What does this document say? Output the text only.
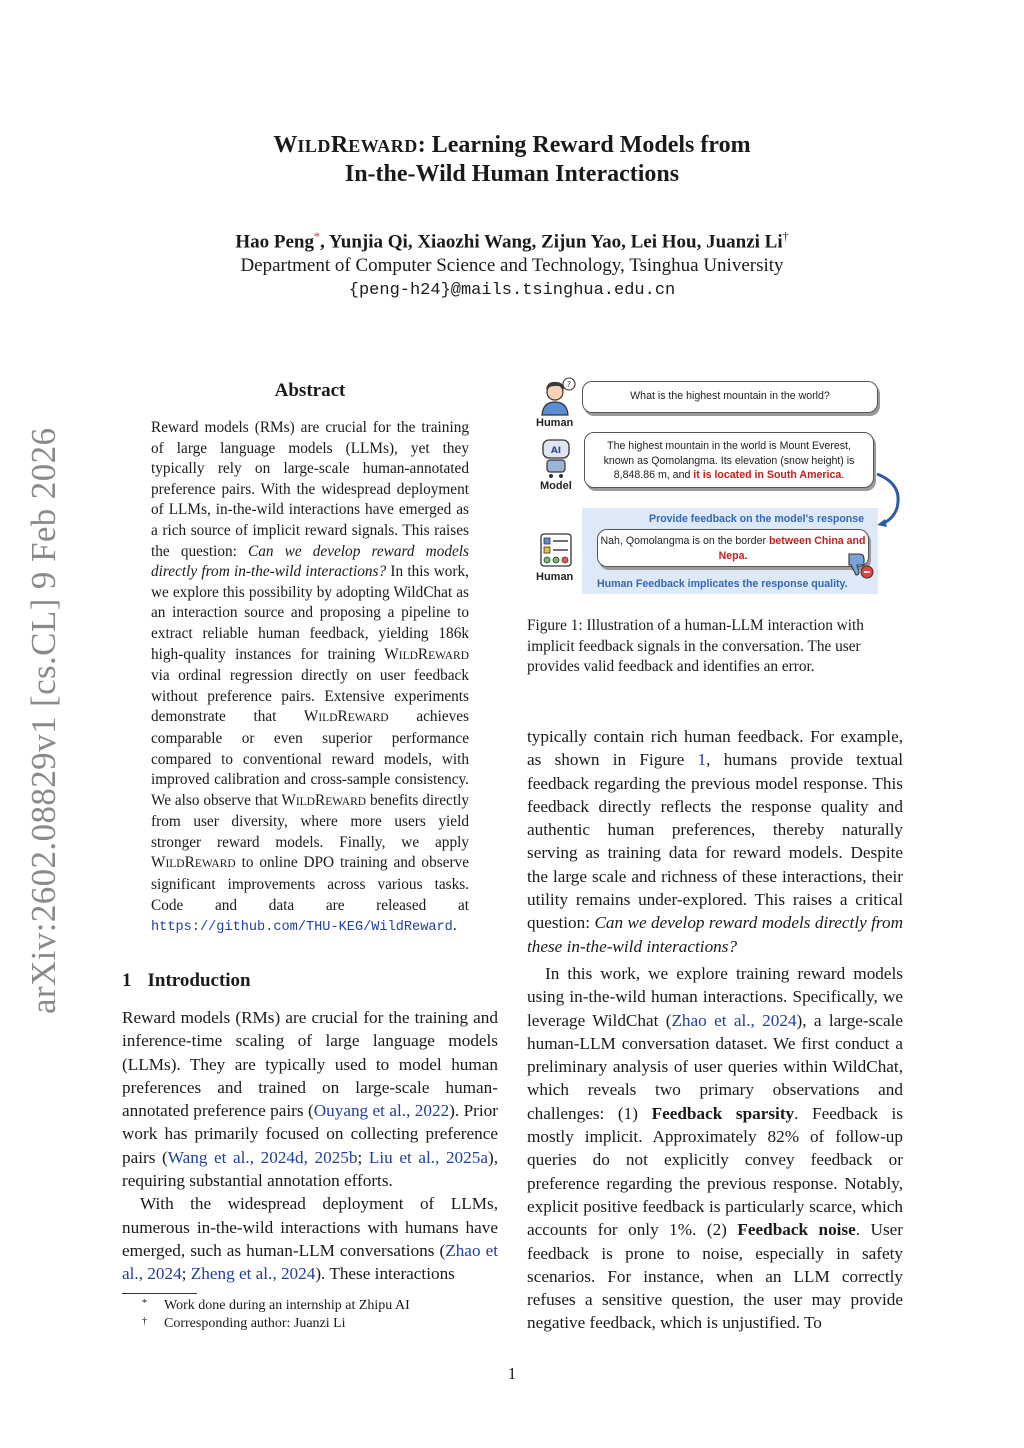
arXiv:2602.08829v1 [cs.CL] 9 Feb 2026
WILDREWARD: Learning Reward Models from
In-the-Wild Human Interactions
Hao Peng*, Yunjia Qi, Xiaozhi Wang, Zijun Yao, Lei Hou, Juanzi Li†
Department of Computer Science and Technology, Tsinghua University
{peng-h24}@mails.tsinghua.edu.cn
Abstract
Reward models (RMs) are crucial for the training of large language models (LLMs), yet they typically rely on large-scale human-annotated preference pairs. With the widespread deployment of LLMs, in-the-wild interactions have emerged as a rich source of implicit reward signals. This raises the question: Can we develop reward models directly from in-the-wild interactions? In this work, we explore this possibility by adopting WildChat as an interaction source and proposing a pipeline to extract reliable human feedback, yielding 186k high-quality instances for training WILDREWARD via ordinal regression directly on user feedback without preference pairs. Extensive experiments demonstrate that WILDREWARD achieves comparable or even superior performance compared to conventional reward models, with improved calibration and cross-sample consistency. We also observe that WILDREWARD benefits directly from user diversity, where more users yield stronger reward models. Finally, we apply WILDREWARD to online DPO training and observe significant improvements across various tasks. Code and data are released at https://github.com/THU-KEG/WildReward.
1 Introduction

Reward models (RMs) are crucial for the training and inference-time scaling of large language models (LLMs). They are typically used to model human preferences and trained on large-scale human-annotated preference pairs (Ouyang et al., 2022). Prior work has primarily focused on collecting preference pairs (Wang et al., 2024d, 2025b; Liu et al., 2025a), requiring substantial annotation efforts.

With the widespread deployment of LLMs, numerous in-the-wild interactions with humans have emerged, such as human-LLM conversations (Zhao et al., 2024; Zheng et al., 2024). These interactions

* Work done during an internship at Zhipu AI
† Corresponding author: Juanzi Li
?
Human
What is the highest mountain in the world?
AI
Model
The highest mountain in the world is Mount Everest, known as Qomolangma. Its elevation (snow height) is 8,848.86 m, and it is located in South America.
Provide feedback on the model's response
Human
Nah, Qomolangma is on the border between China and Nepa.
Human Feedback implicates the response quality.
Figure 1: Illustration of a human-LLM interaction with implicit feedback signals in the conversation. The user provides valid feedback and identifies an error.
typically contain rich human feedback. For example, as shown in Figure 1, humans provide textual feedback regarding the previous model response. This feedback directly reflects the response quality and authentic human preferences, thereby naturally serving as training data for reward models. Despite the large scale and richness of these interactions, their utility remains under-explored. This raises a critical question: Can we develop reward models directly from these in-the-wild interactions?
In this work, we explore training reward models using in-the-wild human interactions. Specifically, we leverage WildChat (Zhao et al., 2024), a large-scale human-LLM conversation dataset. We first conduct a preliminary analysis of user queries within WildChat, which reveals two primary observations and challenges: (1) Feedback sparsity. Feedback is mostly implicit. Approximately 82% of follow-up queries do not explicitly convey feedback or preference regarding the previous response. Notably, explicit positive feedback is particularly scarce, which accounts for only 1%. (2) Feedback noise. User feedback is prone to noise, especially in safety scenarios. For instance, when an LLM correctly refuses a sensitive question, the user may provide negative feedback, which is unjustified. To
1
